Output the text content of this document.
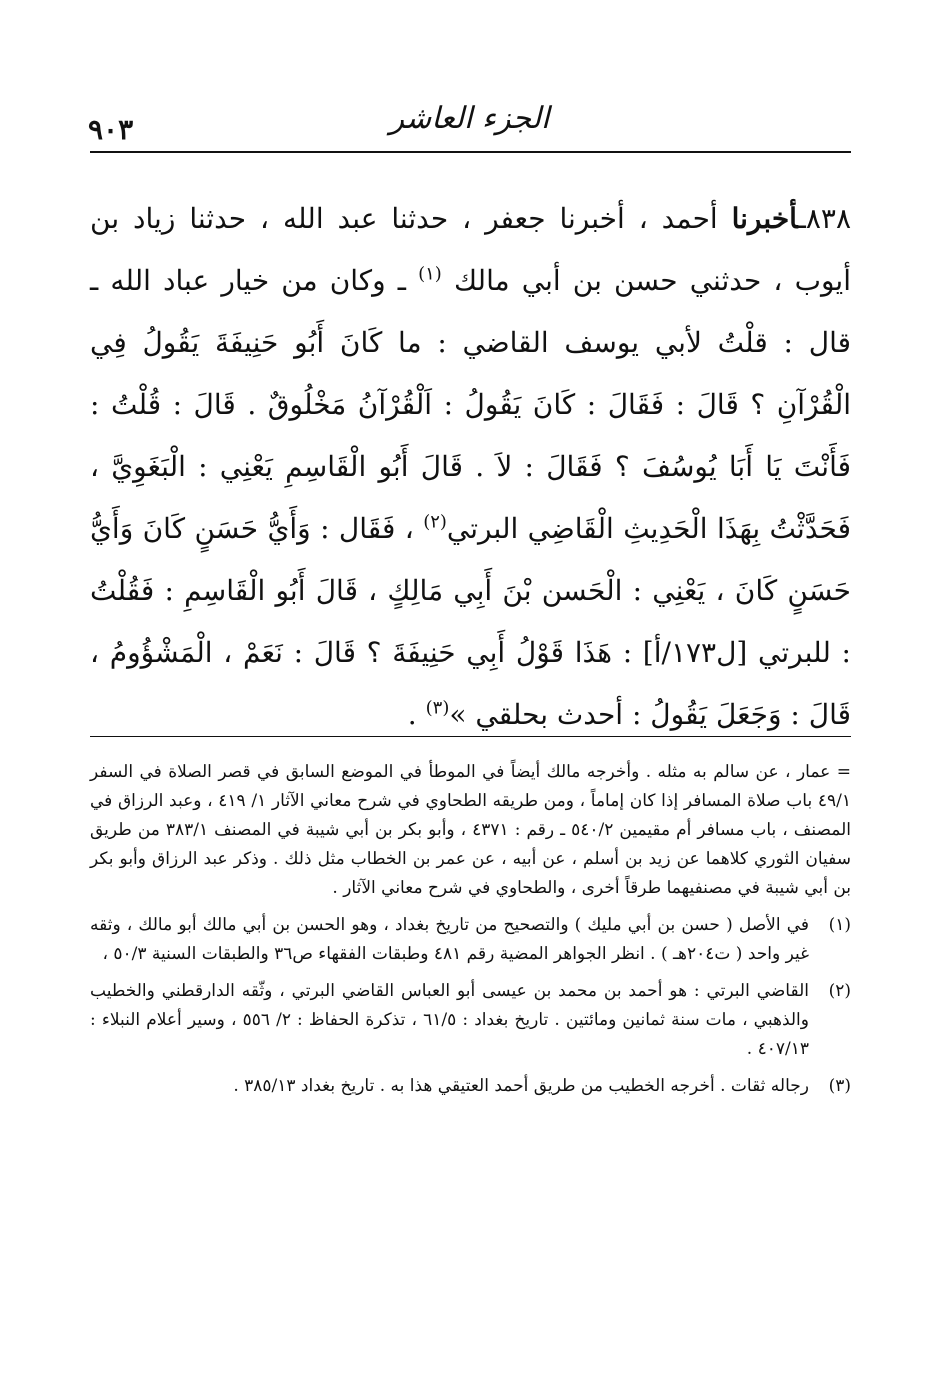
الجزء العاشر
٩٠٣
٨٣٨ـأخبرنا أحمد ، أخبرنا جعفر ، حدثنا عبد الله ، حدثنا زياد بن أيوب ، حدثني حسن بن أبي مالك $^{(١)}$ ـ وكان من خيار عباد الله ـ قال : قلْتُ لأبي يوسف القاضي : ما كَانَ أَبُو حَنِيفَةَ يَقُولُ فِي الْقُرْآنِ ؟ قَالَ : فَقَالَ : كَانَ يَقُولُ : اَلْقُرْآنُ مَخْلُوقٌ . قَالَ : قُلْتُ : فَأَنْتَ يَا أَبَا يُوسُفَ ؟ فَقَالَ : لاَ . قَالَ أَبُو الْقَاسِمِ يَعْنِي : الْبَغَوِيَّ ، فَحَدَّثْتُ بِهَذَا الْحَدِيثِ الْقَاضِي البرتي$^{(٢)}$ ، فَقَال : وَأَيُّ حَسَنٍ كَانَ وَأَيُّ حَسَنٍ كَانَ ، يَعْنِي : الْحَسن بْنَ أَبِي مَالِكٍ ، قَالَ أَبُو الْقَاسِمِ : فَقُلْتُ : للبرتي [ل١٧٣/أ] : هَذَا قَوْلُ أَبِي حَنِيفَةَ ؟ قَالَ : نَعَمْ ، الْمَشْؤُومُ ، قَالَ : وَجَعَلَ يَقُولُ : أحدث بحلقي »$^{(٣)}$ .
= عمار ، عن سالم به مثله . وأخرجه مالك أيضاً في الموطأ في الموضع السابق في قصر الصلاة في السفر ٤٩/١ باب صلاة المسافر إذا كان إماماً ، ومن طريقه الطحاوي في شرح معاني الآثار ١/ ٤١٩ ، وعبد الرزاق في المصنف ، باب مسافر أم مقيمين ٥٤٠/٢ ـ رقم : ٤٣٧١ ، وأبو بكر بن أبي شيبة في المصنف ٣٨٣/١ من طريق سفيان الثوري كلاهما عن زيد بن أسلم ، عن أبيه ، عن عمر بن الخطاب مثل ذلك . وذكر عبد الرزاق وأبو بكر بن أبي شيبة في مصنفيهما طرقاً أخرى ، والطحاوي في شرح معاني الآثار .
(١)
في الأصل ( حسن بن أبي مليك ) والتصحيح من تاريخ بغداد ، وهو الحسن بن أبي مالك أبو مالك ، وثقه غير واحد ( ت٢٠٤هـ ) . انظر الجواهر المضية رقم ٤٨١ وطبقات الفقهاء ص٣٦ والطبقات السنية ٥٠/٣ ،
(٢)
القاضي البرتي : هو أحمد بن محمد بن عيسى أبو العباس القاضي البرتي ، وثّقه الدارقطني والخطيب والذهبي ، مات سنة ثمانين ومائتين . تاريخ بغداد : ٦١/٥ ، تذكرة الحفاظ : ٢/ ٥٥٦ ، وسير أعلام النبلاء : ٤٠٧/١٣ .
(٣)
رجاله ثقات . أخرجه الخطيب من طريق أحمد العتيقي هذا به . تاريخ بغداد ٣٨٥/١٣ .
